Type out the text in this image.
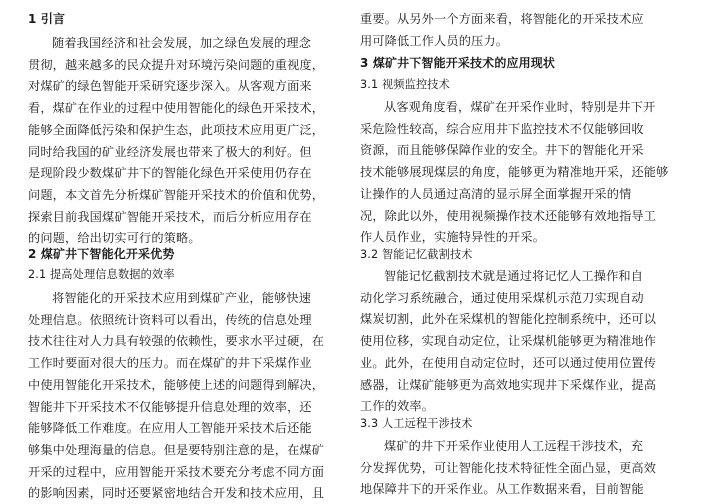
1 引言
随着我国经济和社会发展，加之绿色发展的理念
贯彻，越来越多的民众提升对环境污染问题的重视度，
对煤矿的绿色智能开采研究逐步深入。从客观方面来
看，煤矿在作业的过程中使用智能化的绿色开采技术，
能够全面降低污染和保护生态，此项技术应用更广泛，
同时给我国的矿业经济发展也带来了极大的利好。但
是现阶段少数煤矿井下的智能化绿色开采使用仍存在
问题，本文首先分析煤矿智能开采技术的价值和优势，
探索目前我国煤矿智能开采技术，而后分析应用存在
的问题，给出切实可行的策略。
2 煤矿井下智能化开采优势
2.1 提高处理信息数据的效率
将智能化的开采技术应用到煤矿产业，能够快速
处理信息。依照统计资料可以看出，传统的信息处理
技术往往对人力具有较强的依赖性，要求水平过硬，在
工作时要面对很大的压力。而在煤矿的井下采煤作业
中使用智能化开采技术，能够使上述的问题得到解决，
智能井下开采技术不仅能够提升信息处理的效率，还
能够降低工作难度。在应用人工智能开采技术后还能
够集中处理海量的信息。但是要特别注意的是，在煤矿
开采的过程中，应用智能开采技术要充分考虑不同方面
的影响因素，同时还要紧密地结合开发和技术应用，且
重要。从另外一个方面来看，将智能化的开采技术应
用可降低工作人员的压力。
3 煤矿井下智能开采技术的应用现状
3.1 视频监控技术
从客观角度看，煤矿在开采作业时，特别是井下开
采危险性较高，综合应用井下监控技术不仅能够回收
资源，而且能够保障作业的安全。井下的智能化开采
技术能够展现煤层的角度，能够更为精准地开采，还能够
让操作的人员通过高清的显示屏全面掌握开采的情
况，除此以外，使用视频操作技术还能够有效地指导工
作人员作业，实施特异性的开采。
3.2 智能记忆截割技术
智能记忆截割技术就是通过将记忆人工操作和自
动化学习系统融合，通过使用采煤机示范刀实现自动
煤炭切割，此外在采煤机的智能化控制系统中，还可以
使用位移，实现自动定位，让采煤机能够更为精准地作
业。此外，在使用自动定位时，还可以通过使用位置传
感器，让煤矿能够更为高效地实现井下采煤作业，提高
工作的效率。
3.3 人工远程干涉技术
煤矿的井下开采作业使用人工远程干涉技术，充
分发挥优势，可让智能化技术特征性全面凸显，更高效
地保障井下的开采作业。从工作数据来看，目前智能
